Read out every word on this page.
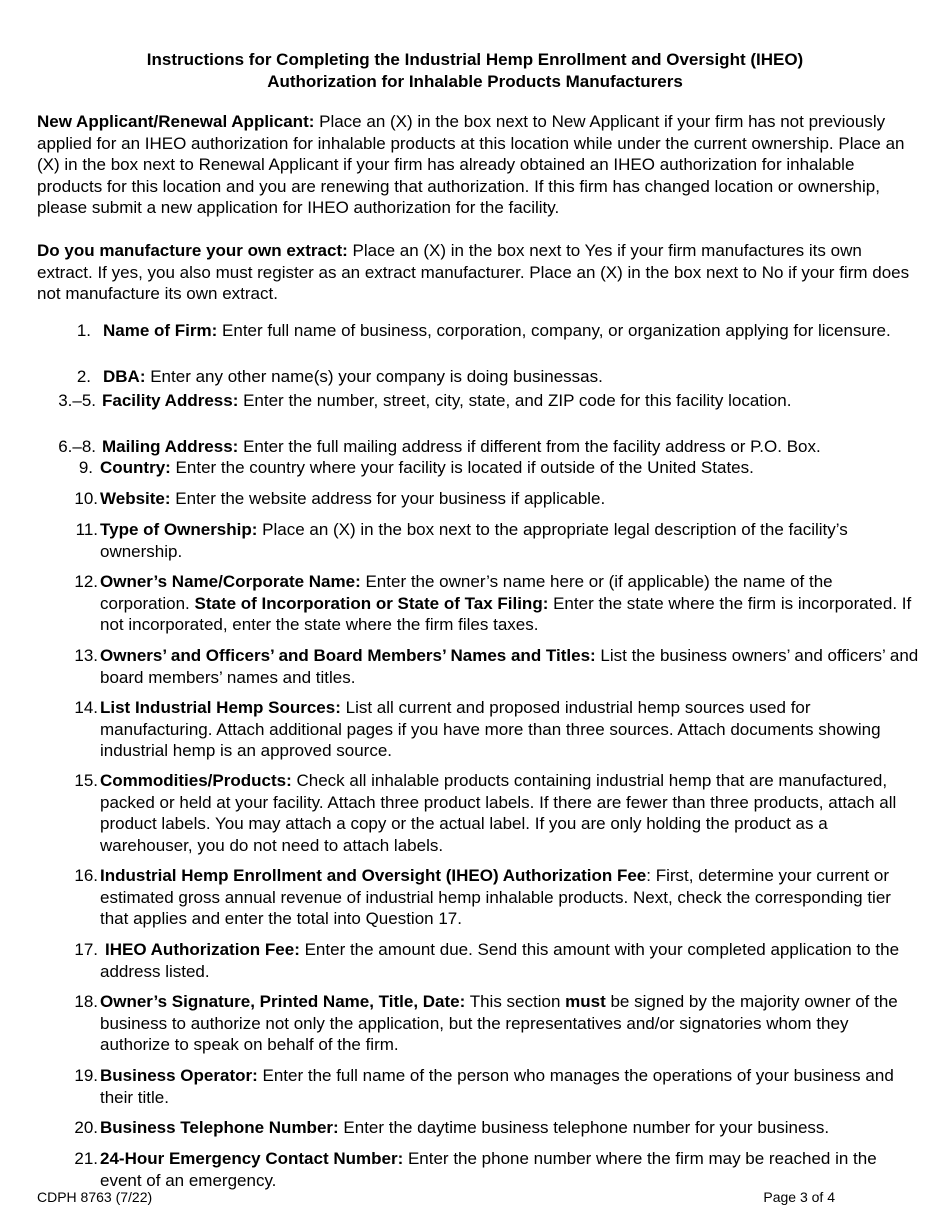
Instructions for Completing the Industrial Hemp Enrollment and Oversight (IHEO)
Authorization for Inhalable Products Manufacturers
New Applicant/Renewal Applicant: Place an (X) in the box next to New Applicant if your firm has not previously applied for an IHEO authorization for inhalable products at this location while under the current ownership. Place an (X) in the box next to Renewal Applicant if your firm has already obtained an IHEO authorization for inhalable products for this location and you are renewing that authorization. If this firm has changed location or ownership, please submit a new application for IHEO authorization for the facility.
Do you manufacture your own extract: Place an (X) in the box next to Yes if your firm manufactures its own extract. If yes, you also must register as an extract manufacturer. Place an (X) in the box next to No if your firm does not manufacture its own extract.
1. Name of Firm: Enter full name of business, corporation, company, or organization applying for licensure.
2. DBA: Enter any other name(s) your company is doing businessas.
3.–5. Facility Address: Enter the number, street, city, state, and ZIP code for this facility location.
6.–8. Mailing Address: Enter the full mailing address if different from the facility address or P.O. Box.
9. Country: Enter the country where your facility is located if outside of the United States.
10. Website: Enter the website address for your business if applicable.
11. Type of Ownership: Place an (X) in the box next to the appropriate legal description of the facility’s ownership.
12. Owner’s Name/Corporate Name: Enter the owner’s name here or (if applicable) the name of the corporation. State of Incorporation or State of Tax Filing: Enter the state where the firm is incorporated. If not incorporated, enter the state where the firm files taxes.
13. Owners’ and Officers’ and Board Members’ Names and Titles: List the business owners’ and officers’ and board members’ names and titles.
14. List Industrial Hemp Sources: List all current and proposed industrial hemp sources used for manufacturing. Attach additional pages if you have more than three sources. Attach documents showing industrial hemp is an approved source.
15. Commodities/Products: Check all inhalable products containing industrial hemp that are manufactured, packed or held at your facility. Attach three product labels. If there are fewer than three products, attach all product labels. You may attach a copy or the actual label. If you are only holding the product as a warehouser, you do not need to attach labels.
16. Industrial Hemp Enrollment and Oversight (IHEO) Authorization Fee: First, determine your current or estimated gross annual revenue of industrial hemp inhalable products. Next, check the corresponding tier that applies and enter the total into Question 17.
17. IHEO Authorization Fee: Enter the amount due. Send this amount with your completed application to the address listed.
18. Owner’s Signature, Printed Name, Title, Date: This section must be signed by the majority owner of the business to authorize not only the application, but the representatives and/or signatories whom they authorize to speak on behalf of the firm.
19. Business Operator: Enter the full name of the person who manages the operations of your business and their title.
20. Business Telephone Number: Enter the daytime business telephone number for your business.
21. 24-Hour Emergency Contact Number: Enter the phone number where the firm may be reached in the event of an emergency.
CDPH 8763 (7/22)	Page 3 of 4
